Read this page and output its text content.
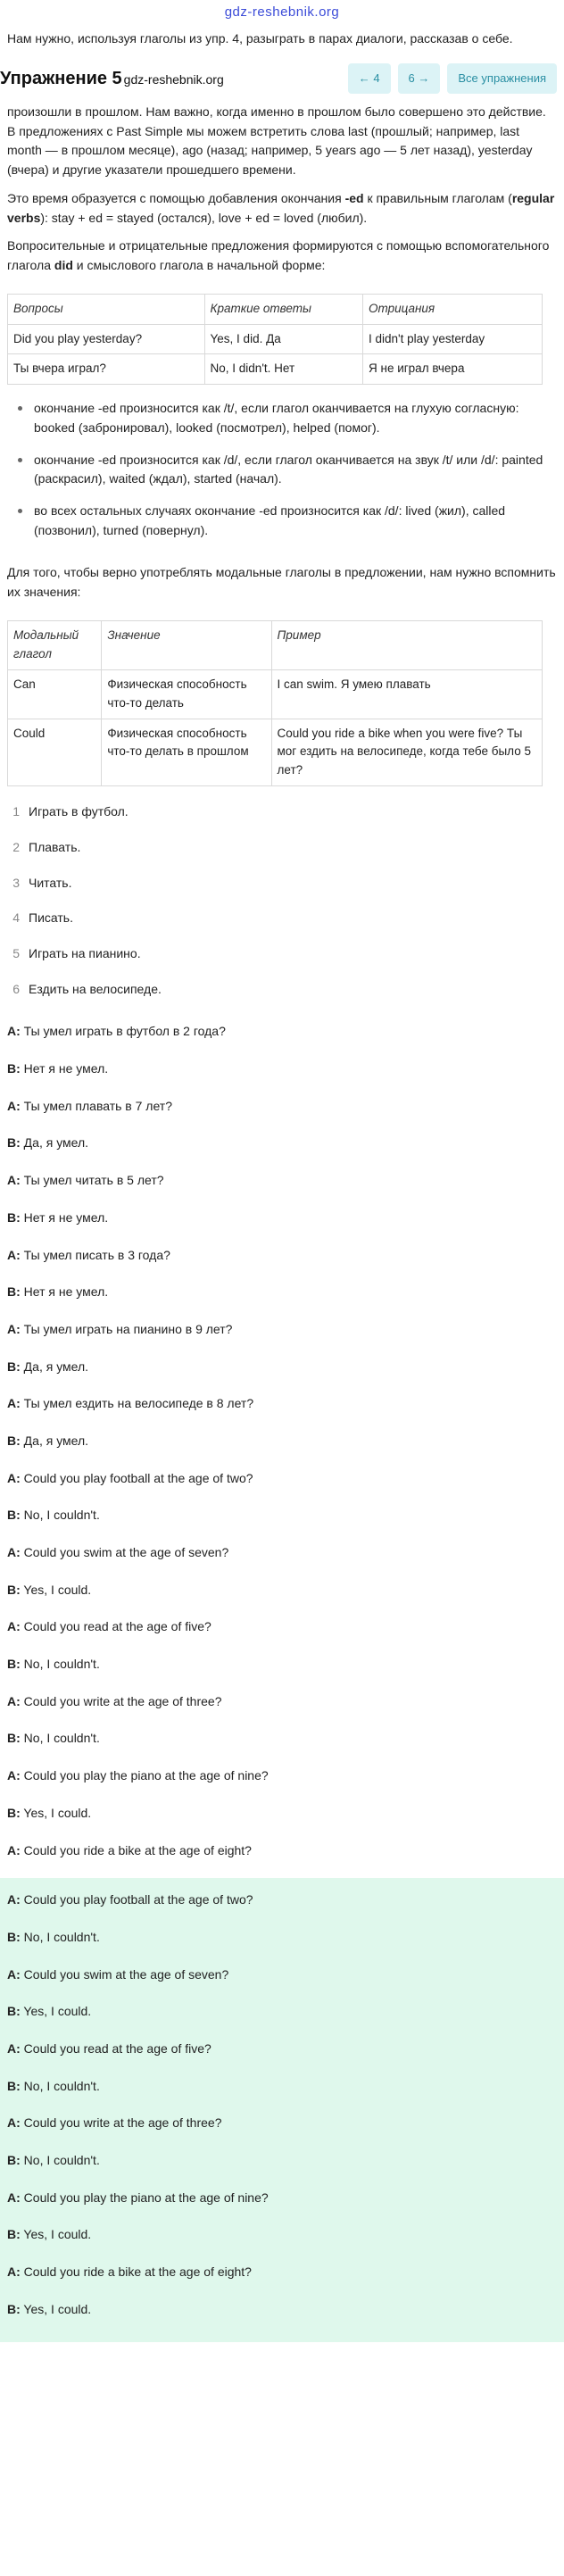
gdz-reshebnik.org
Нам нужно, используя глаголы из упр. 4, разыграть в парах диалоги, рассказав о себе.
Упражнение 5 gdz-reshebnik.org	← 4	6 →	Все упражнения

произошли в прошлом. Нам важно, когда именно в прошлом было совершено это действие. В предложениях с Past Simple мы можем встретить слова last (прошлый; например, last month — в прошлом месяце), ago (назад; например, 5 years ago — 5 лет назад), yesterday (вчера) и другие указатели прошедшего времени.

Это время образуется с помощью добавления окончания -ed к правильным глаголам (regular verbs): stay + ed = stayed (остался), love + ed = loved (любил).

Вопросительные и отрицательные предложения формируются с помощью вспомогательного глагола did и смыслового глагола в начальной форме:

Вопросы	Краткие ответы	Отрицания
Did you play yesterday?	Yes, I did. Да	I didn't play yesterday
Ты вчера играл?	No, I didn't. Нет	Я не играл вчера
окончание -ed произносится как /t/, если глагол оканчивается на глухую согласную: booked (забронировал), looked (посмотрел), helped (помог).
окончание -ed произносится как /d/, если глагол оканчивается на звук /t/ или /d/: painted (раскрасил), waited (ждал), started (начал).
во всех остальных случаях окончание -ed произносится как /d/: lived (жил), called (позвонил), turned (повернул).

Для того, чтобы верно употреблять модальные глаголы в предложении, нам нужно вспомнить их значения:

Модальный глагол	Значение	Пример
Can	Физическая способность что-то делать	I can swim. Я умею плавать
Could	Физическая способность что-то делать в прошлом	Could you ride a bike when you were five? Ты мог ездить на велосипеде, когда тебе было 5 лет?
1 Играть в футбол.
2 Плавать.
3 Читать.
4 Писать.
5 Играть на пианино.
6 Ездить на велосипеде.
A: Ты умел играть в футбол в 2 года?
B: Нет я не умел.
A: Ты умел плавать в 7 лет?
B: Да, я умел.
A: Ты умел читать в 5 лет?
B: Нет я не умел.
A: Ты умел писать в 3 года?
B: Нет я не умел.
A: Ты умел играть на пианино в 9 лет?
B: Да, я умел.
A: Ты умел ездить на велосипеде в 8 лет?
B: Да, я умел.
A: Could you play football at the age of two?
B: No, I couldn't.
A: Could you swim at the age of seven?
B: Yes, I could.
A: Could you read at the age of five?
B: No, I couldn't.
A: Could you write at the age of three?
B: No, I couldn't.
A: Could you play the piano at the age of nine?
B: Yes, I could.
A: Could you ride a bike at the age of eight?
A: Could you play football at the age of two?
B: No, I couldn't.
A: Could you swim at the age of seven?
B: Yes, I could.
A: Could you read at the age of five?
B: No, I couldn't.
A: Could you write at the age of three?
B: No, I couldn't.
A: Could you play the piano at the age of nine?
B: Yes, I could.
A: Could you ride a bike at the age of eight?
B: Yes, I could.
